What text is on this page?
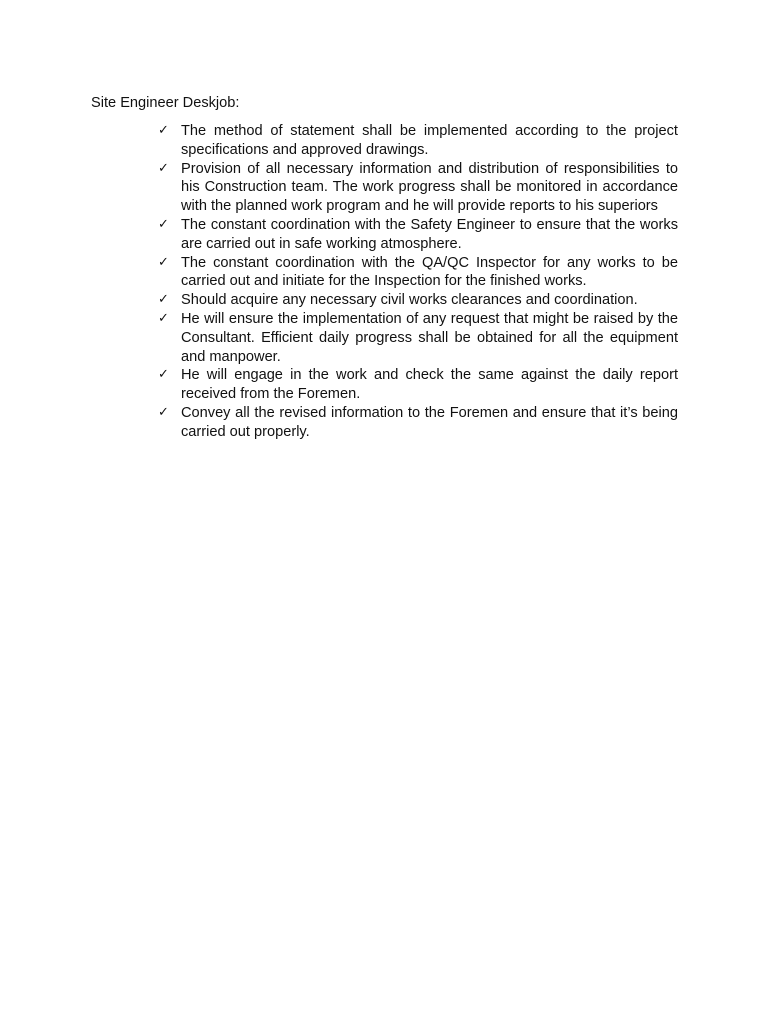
Site Engineer Deskjob:
✓ The method of statement shall be implemented according to the project specifications and approved drawings.
✓ Provision of all necessary information and distribution of responsibilities to his Construction team. The work progress shall be monitored in accordance with the planned work program and he will provide reports to his superiors
✓ The constant coordination with the Safety Engineer to ensure that the works are carried out in safe working atmosphere.
✓ The constant coordination with the QA/QC Inspector for any works to be carried out and initiate for the Inspection for the finished works.
✓ Should acquire any necessary civil works clearances and coordination.
✓ He will ensure the implementation of any request that might be raised by the Consultant. Efficient daily progress shall be obtained for all the equipment and manpower.
✓ He will engage in the work and check the same against the daily report received from the Foremen.
✓ Convey all the revised information to the Foremen and ensure that it’s being carried out properly.
